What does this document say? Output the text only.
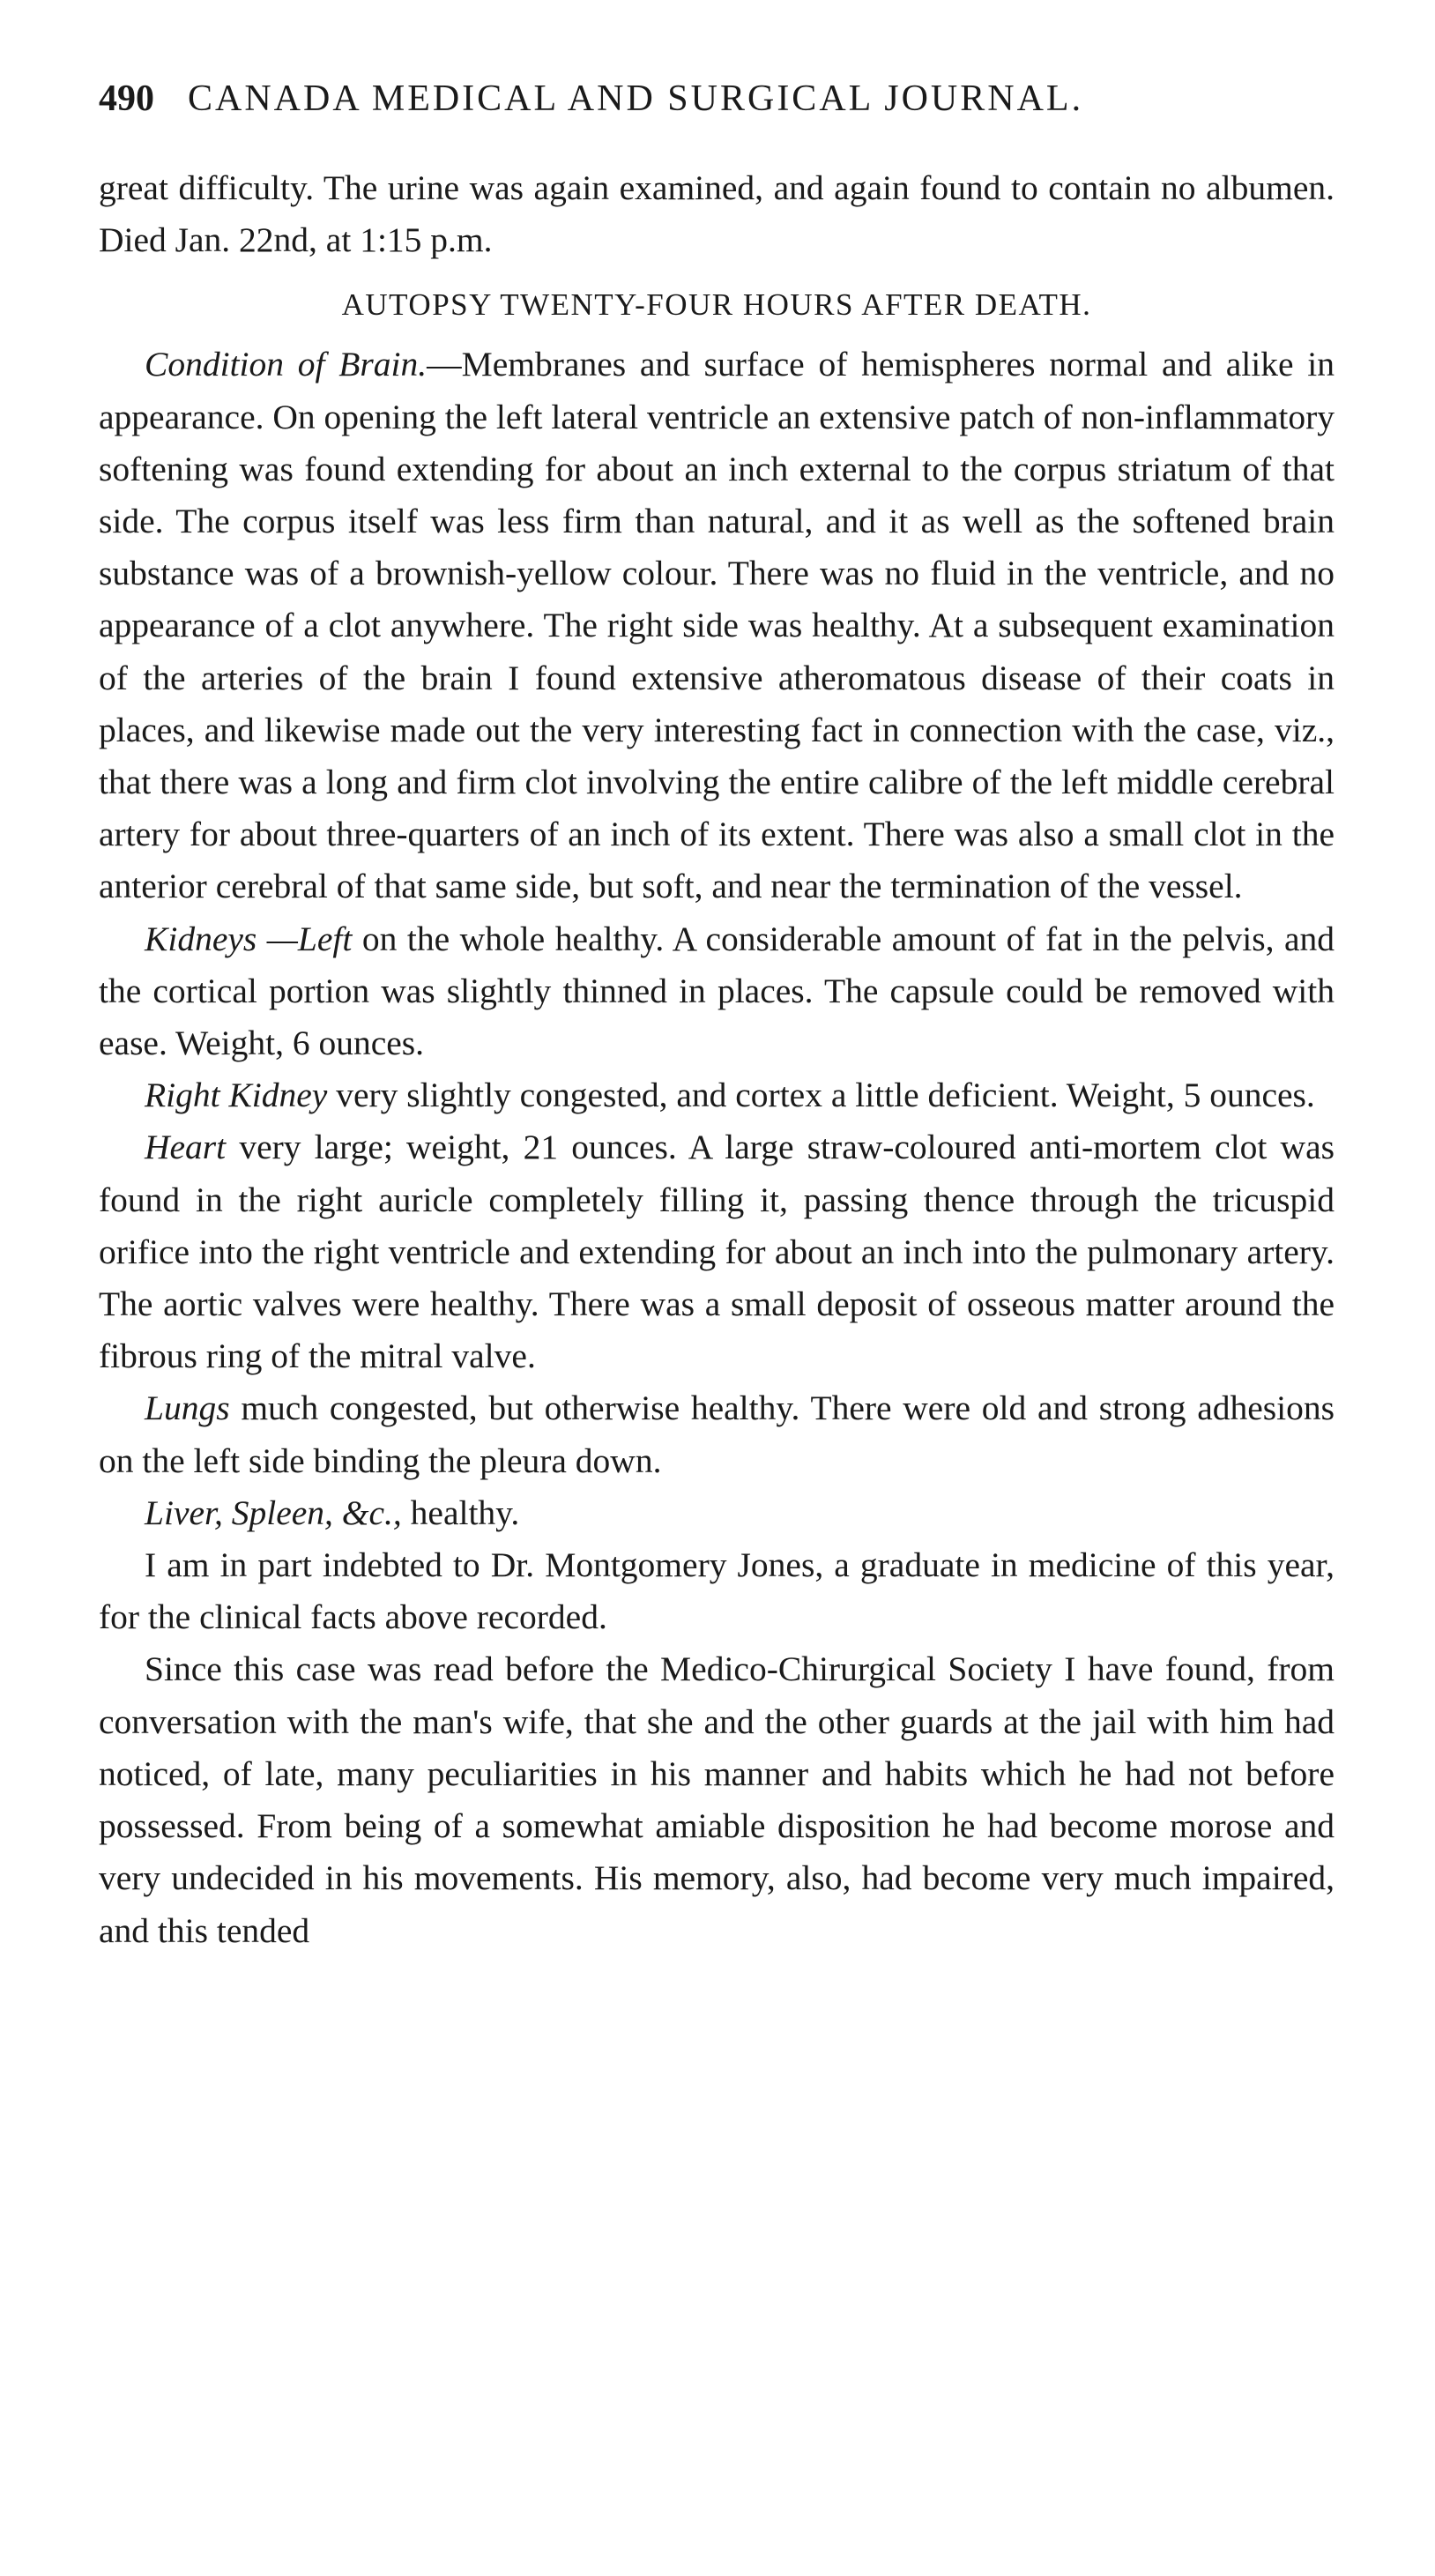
490 CANADA MEDICAL AND SURGICAL JOURNAL.

great difficulty. The urine was again examined, and again found to contain no albumen. Died Jan. 22nd, at 1:15 p.m.

AUTOPSY TWENTY-FOUR HOURS AFTER DEATH.

Condition of Brain.—Membranes and surface of hemispheres normal and alike in appearance. On opening the left lateral ventricle an extensive patch of non-inflammatory softening was found extending for about an inch external to the corpus striatum of that side. The corpus itself was less firm than natural, and it as well as the softened brain substance was of a brownish-yellow colour. There was no fluid in the ventricle, and no appearance of a clot anywhere. The right side was healthy. At a subsequent examination of the arteries of the brain I found extensive atheromatous disease of their coats in places, and likewise made out the very interesting fact in connection with the case, viz., that there was a long and firm clot involving the entire calibre of the left middle cerebral artery for about three-quarters of an inch of its extent. There was also a small clot in the anterior cerebral of that same side, but soft, and near the termination of the vessel.

Kidneys —Left on the whole healthy. A considerable amount of fat in the pelvis, and the cortical portion was slightly thinned in places. The capsule could be removed with ease. Weight, 6 ounces.

Right Kidney very slightly congested, and cortex a little deficient. Weight, 5 ounces.

Heart very large; weight, 21 ounces. A large straw-coloured anti-mortem clot was found in the right auricle completely filling it, passing thence through the tricuspid orifice into the right ventricle and extending for about an inch into the pulmonary artery. The aortic valves were healthy. There was a small deposit of osseous matter around the fibrous ring of the mitral valve.

Lungs much congested, but otherwise healthy. There were old and strong adhesions on the left side binding the pleura down.

Liver, Spleen, &c., healthy.

I am in part indebted to Dr. Montgomery Jones, a graduate in medicine of this year, for the clinical facts above recorded.

Since this case was read before the Medico-Chirurgical Society I have found, from conversation with the man's wife, that she and the other guards at the jail with him had noticed, of late, many peculiarities in his manner and habits which he had not before possessed. From being of a somewhat amiable disposition he had become morose and very undecided in his movements. His memory, also, had become very much impaired, and this tended
